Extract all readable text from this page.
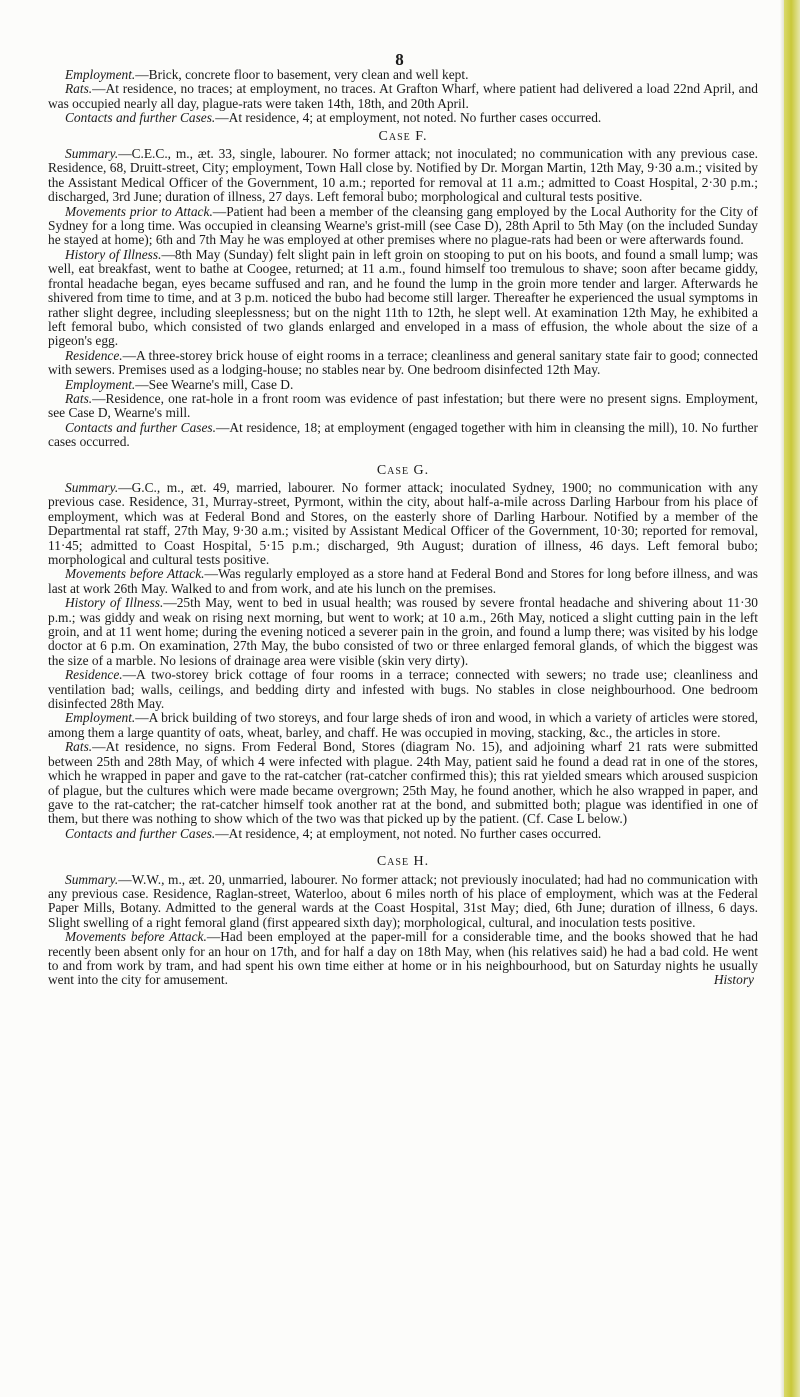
8

Employment.—Brick, concrete floor to basement, very clean and well kept.

Rats.—At residence, no traces; at employment, no traces. At Grafton Wharf, where patient had delivered a load 22nd April, and was occupied nearly all day, plague-rats were taken 14th, 18th, and 20th April.

Contacts and further Cases.—At residence, 4; at employment, not noted. No further cases occurred.

Case F.

Summary.—C.E.C., m., æt. 33, single, labourer. No former attack; not inoculated; no communication with any previous case. Residence, 68, Druitt-street, City; employment, Town Hall close by. Notified by Dr. Morgan Martin, 12th May, 9·30 a.m.; visited by the Assistant Medical Officer of the Government, 10 a.m.; reported for removal at 11 a.m.; admitted to Coast Hospital, 2·30 p.m.; discharged, 3rd June; duration of illness, 27 days. Left femoral bubo; morphological and cultural tests positive.

Movements prior to Attack.—Patient had been a member of the cleansing gang employed by the Local Authority for the City of Sydney for a long time. Was occupied in cleansing Wearne's grist-mill (see Case D), 28th April to 5th May (on the included Sunday he stayed at home); 6th and 7th May he was employed at other premises where no plague-rats had been or were afterwards found.

History of Illness.—8th May (Sunday) felt slight pain in left groin on stooping to put on his boots, and found a small lump; was well, eat breakfast, went to bathe at Coogee, returned; at 11 a.m., found himself too tremulous to shave; soon after became giddy, frontal headache began, eyes became suffused and ran, and he found the lump in the groin more tender and larger. Afterwards he shivered from time to time, and at 3 p.m. noticed the bubo had become still larger. Thereafter he experienced the usual symptoms in rather slight degree, including sleeplessness; but on the night 11th to 12th, he slept well. At examination 12th May, he exhibited a left femoral bubo, which consisted of two glands enlarged and enveloped in a mass of effusion, the whole about the size of a pigeon's egg.

Residence.—A three-storey brick house of eight rooms in a terrace; cleanliness and general sanitary state fair to good; connected with sewers. Premises used as a lodging-house; no stables near by. One bedroom disinfected 12th May.

Employment.—See Wearne's mill, Case D.

Rats.—Residence, one rat-hole in a front room was evidence of past infestation; but there were no present signs. Employment, see Case D, Wearne's mill.

Contacts and further Cases.—At residence, 18; at employment (engaged together with him in cleansing the mill), 10. No further cases occurred.

Case G.

Summary.—G.C., m., æt. 49, married, labourer. No former attack; inoculated Sydney, 1900; no communication with any previous case. Residence, 31, Murray-street, Pyrmont, within the city, about half-a-mile across Darling Harbour from his place of employment, which was at Federal Bond and Stores, on the easterly shore of Darling Harbour. Notified by a member of the Departmental rat staff, 27th May, 9·30 a.m.; visited by Assistant Medical Officer of the Government, 10·30; reported for removal, 11·45; admitted to Coast Hospital, 5·15 p.m.; discharged, 9th August; duration of illness, 46 days. Left femoral bubo; morphological and cultural tests positive.

Movements before Attack.—Was regularly employed as a store hand at Federal Bond and Stores for long before illness, and was last at work 26th May. Walked to and from work, and ate his lunch on the premises.

History of Illness.—25th May, went to bed in usual health; was roused by severe frontal headache and shivering about 11·30 p.m.; was giddy and weak on rising next morning, but went to work; at 10 a.m., 26th May, noticed a slight cutting pain in the left groin, and at 11 went home; during the evening noticed a severer pain in the groin, and found a lump there; was visited by his lodge doctor at 6 p.m. On examination, 27th May, the bubo consisted of two or three enlarged femoral glands, of which the biggest was the size of a marble. No lesions of drainage area were visible (skin very dirty).

Residence.—A two-storey brick cottage of four rooms in a terrace; connected with sewers; no trade use; cleanliness and ventilation bad; walls, ceilings, and bedding dirty and infested with bugs. No stables in close neighbourhood. One bedroom disinfected 28th May.

Employment.—A brick building of two storeys, and four large sheds of iron and wood, in which a variety of articles were stored, among them a large quantity of oats, wheat, barley, and chaff. He was occupied in moving, stacking, &c., the articles in store.

Rats.—At residence, no signs. From Federal Bond, Stores (diagram No. 15), and adjoining wharf 21 rats were submitted between 25th and 28th May, of which 4 were infected with plague. 24th May, patient said he found a dead rat in one of the stores, which he wrapped in paper and gave to the rat-catcher (rat-catcher confirmed this); this rat yielded smears which aroused suspicion of plague, but the cultures which were made became overgrown; 25th May, he found another, which he also wrapped in paper, and gave to the rat-catcher; the rat-catcher himself took another rat at the bond, and submitted both; plague was identified in one of them, but there was nothing to show which of the two was that picked up by the patient. (Cf. Case L below.)

Contacts and further Cases.—At residence, 4; at employment, not noted. No further cases occurred.

Case H.

Summary.—W.W., m., æt. 20, unmarried, labourer. No former attack; not previously inoculated; had had no communication with any previous case. Residence, Raglan-street, Waterloo, about 6 miles north of his place of employment, which was at the Federal Paper Mills, Botany. Admitted to the general wards at the Coast Hospital, 31st May; died, 6th June; duration of illness, 6 days. Slight swelling of a right femoral gland (first appeared sixth day); morphological, cultural, and inoculation tests positive.

Movements before Attack.—Had been employed at the paper-mill for a considerable time, and the books showed that he had recently been absent only for an hour on 17th, and for half a day on 18th May, when (his relatives said) he had a bad cold. He went to and from work by tram, and had spent his own time either at home or in his neighbourhood, but on Saturday nights he usually went into the city for amusement.	History
